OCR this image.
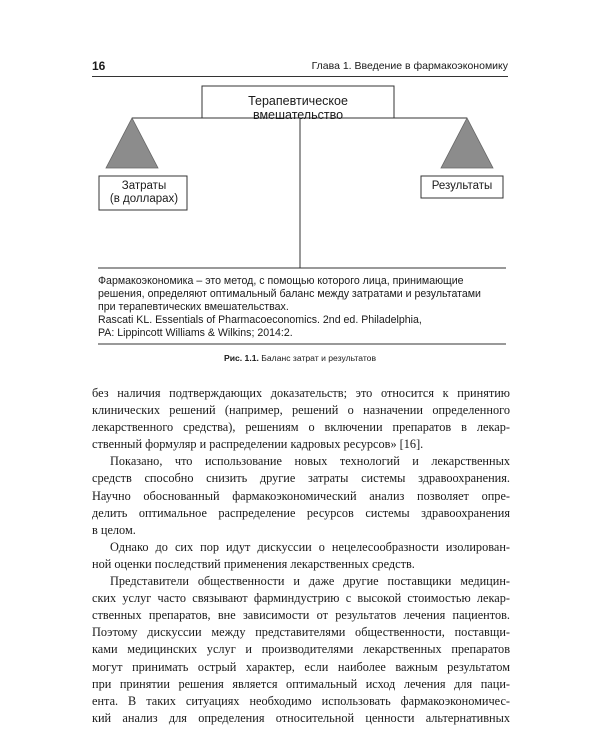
16	Глава 1. Введение в фармакоэкономику
Терапевтическое вмешательство
Затраты
(в долларах)
Результаты
Фармакоэкономика – это метод, с помощью которого лица, принимающие
решения, определяют оптимальный баланс между затратами и результатами
при терапевтических вмешательствах.
Rascati KL. Essentials of Pharmacoeconomics. 2nd ed. Philadelphia,
PA: Lippincott Williams & Wilkins; 2014:2.
Рис. 1.1. Баланс затрат и результатов
без наличия подтверждающих доказательств; это относится к принятию
клинических решений (например, решений о назначении определенного
лекарственного средства), решениям о включении препаратов в лекар-
ственный формуляр и распределении кадровых ресурсов» [16].
Показано, что использование новых технологий и лекарственных
средств способно снизить другие затраты системы здравоохранения.
Научно обоснованный фармакоэкономический анализ позволяет опре-
делить оптимальное распределение ресурсов системы здравоохранения
в целом.
Однако до сих пор идут дискуссии о нецелесообразности изолирован-
ной оценки последствий применения лекарственных средств.
Представители общественности и даже другие поставщики медицин-
ских услуг часто связывают фарминдустрию с высокой стоимостью лекар-
ственных препаратов, вне зависимости от результатов лечения пациентов.
Поэтому дискуссии между представителями общественности, поставщи-
ками медицинских услуг и производителями лекарственных препаратов
могут принимать острый характер, если наиболее важным результатом
при принятии решения является оптимальный исход лечения для паци-
ента. В таких ситуациях необходимо использовать фармакоэкономичес-
кий анализ для определения относительной ценности альтернативных
